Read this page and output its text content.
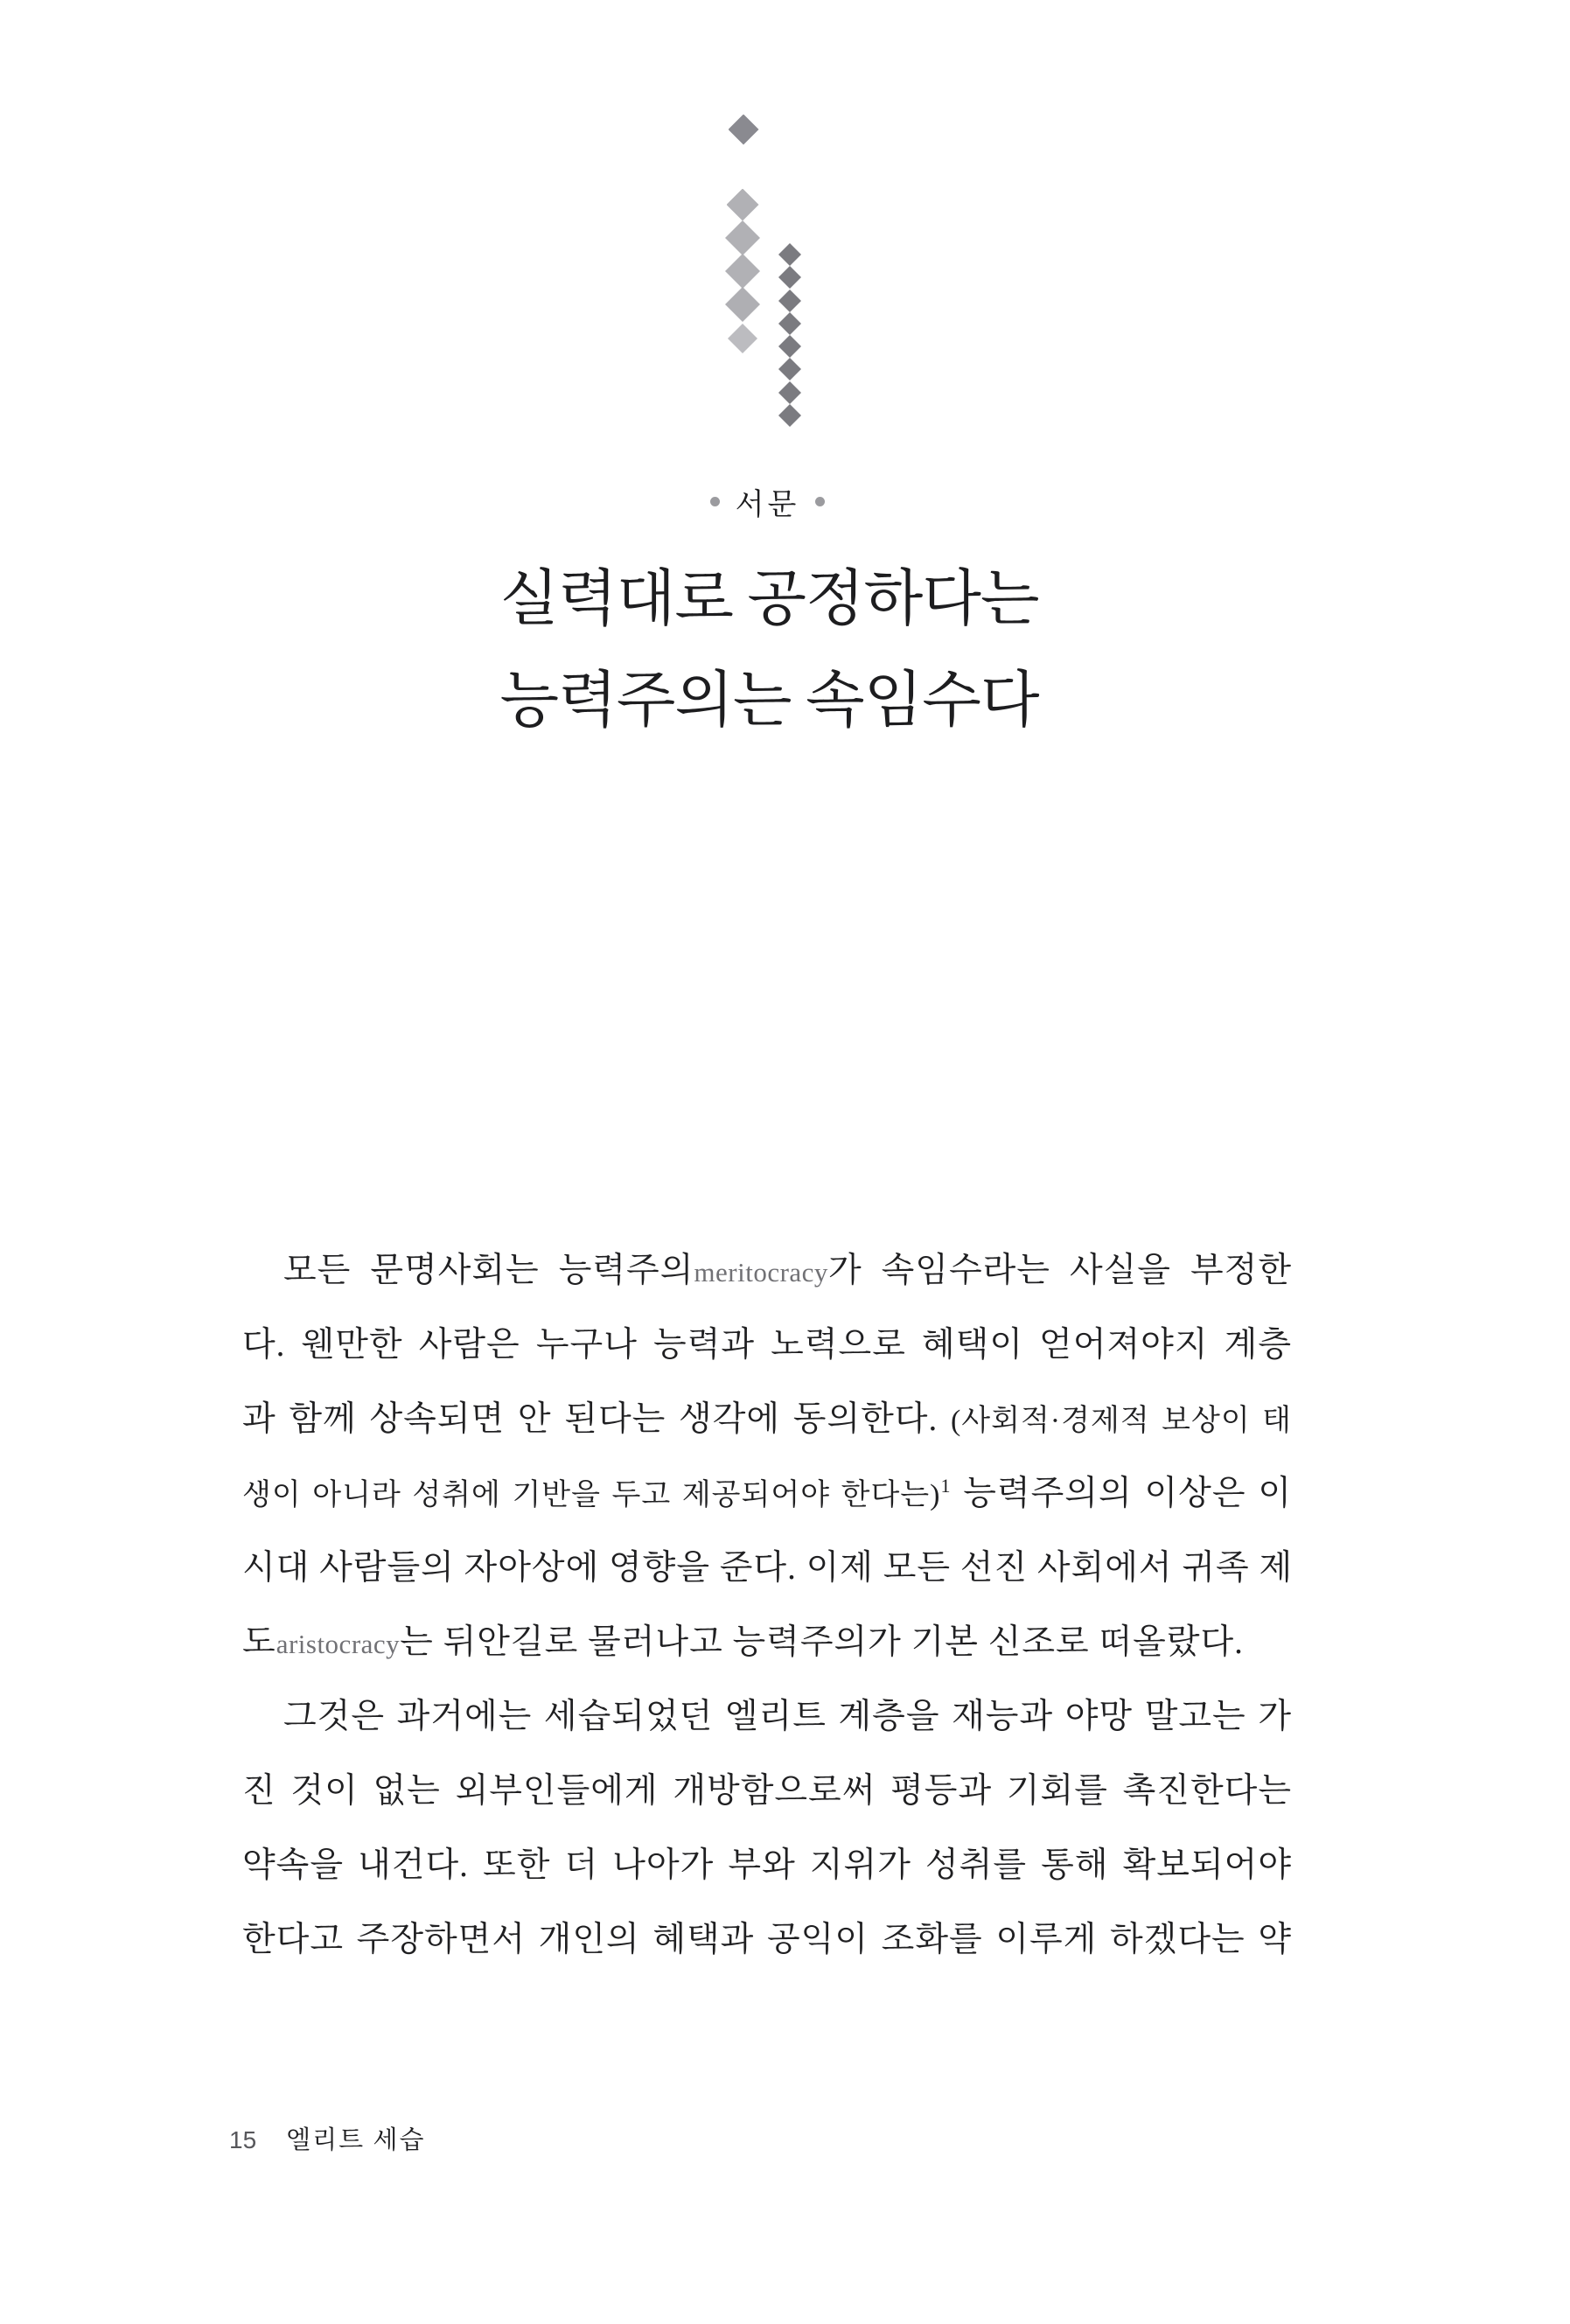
서문
실력대로 공정하다는
능력주의는 속임수다
모든 문명사회는 능력주의meritocracy가 속임수라는 사실을 부정한
다. 웬만한 사람은 누구나 능력과 노력으로 혜택이 얻어져야지 계층
과 함께 상속되면 안 된다는 생각에 동의한다. (사회적·경제적 보상이 태
생이 아니라 성취에 기반을 두고 제공되어야 한다는)$^1$ 능력주의의 이상은 이
시대 사람들의 자아상에 영향을 준다. 이제 모든 선진 사회에서 귀족 제
도aristocracy는 뒤안길로 물러나고 능력주의가 기본 신조로 떠올랐다.
그것은 과거에는 세습되었던 엘리트 계층을 재능과 야망 말고는 가
진 것이 없는 외부인들에게 개방함으로써 평등과 기회를 촉진한다는
약속을 내건다. 또한 더 나아가 부와 지위가 성취를 통해 확보되어야
한다고 주장하면서 개인의 혜택과 공익이 조화를 이루게 하겠다는 약
15 엘리트 세습
